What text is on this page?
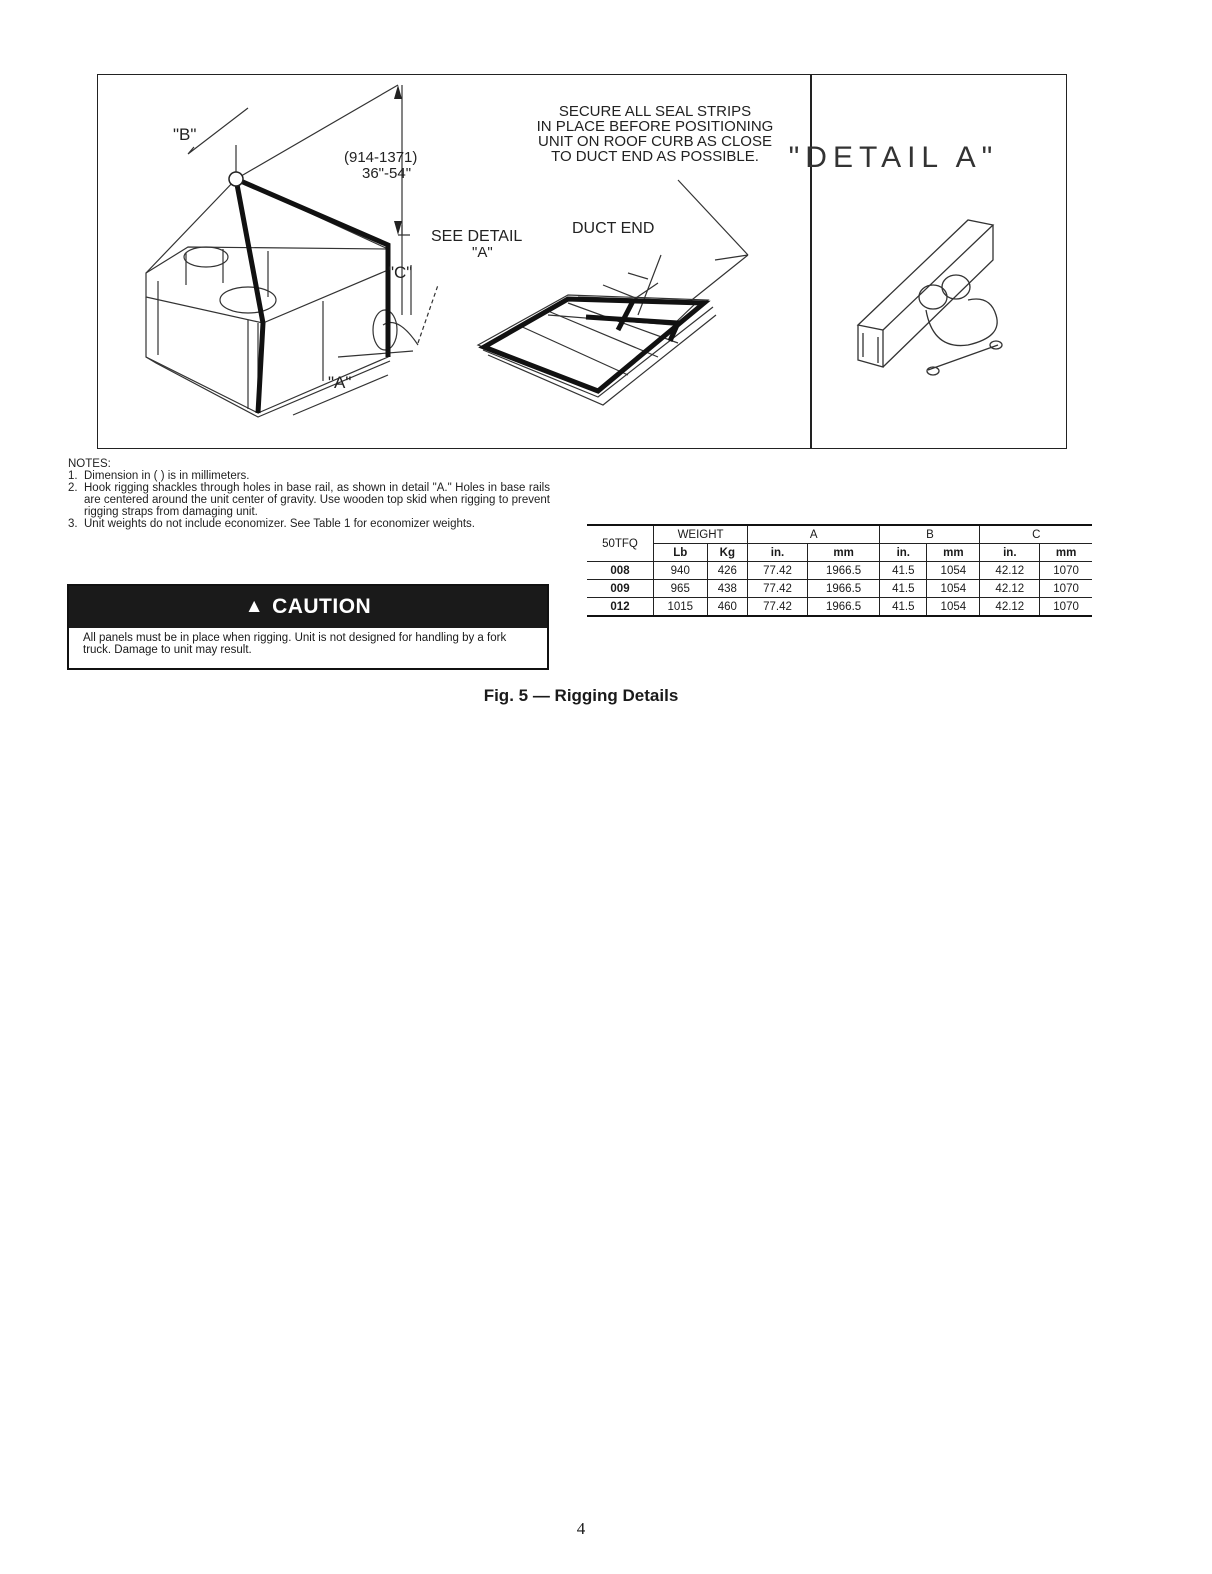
"B"
"C"
"A"
(914-1371)
36"-54"
SEE DETAIL
"A"
DUCT END
SECURE ALL SEAL STRIPS
IN PLACE BEFORE POSITIONING
UNIT ON ROOF CURB AS CLOSE
TO DUCT END AS POSSIBLE. "DETAIL A"

NOTES:

1. Dimension in ( ) is in millimeters.
2. Hook rigging shackles through holes in base rail, as shown in detail "A." Holes in base rails are centered around the unit center of gravity. Use wooden top skid when rigging to prevent rigging straps from damaging unit.
3. Unit weights do not include economizer. See Table 1 for economizer weights.
▲ CAUTION
All panels must be in place when rigging. Unit is not designed for handling by a fork truck. Damage to unit may result.
50TFQ	WEIGHT		A		B		C	
	Lb	Kg	in.	mm	in.	mm	in.	mm
008	940	426	77.42	1966.5	41.5	1054	42.12	1070
009	965	438	77.42	1966.5	41.5	1054	42.12	1070
012	1015	460	77.42	1966.5	41.5	1054	42.12	1070
Fig. 5 — Rigging Details
4
